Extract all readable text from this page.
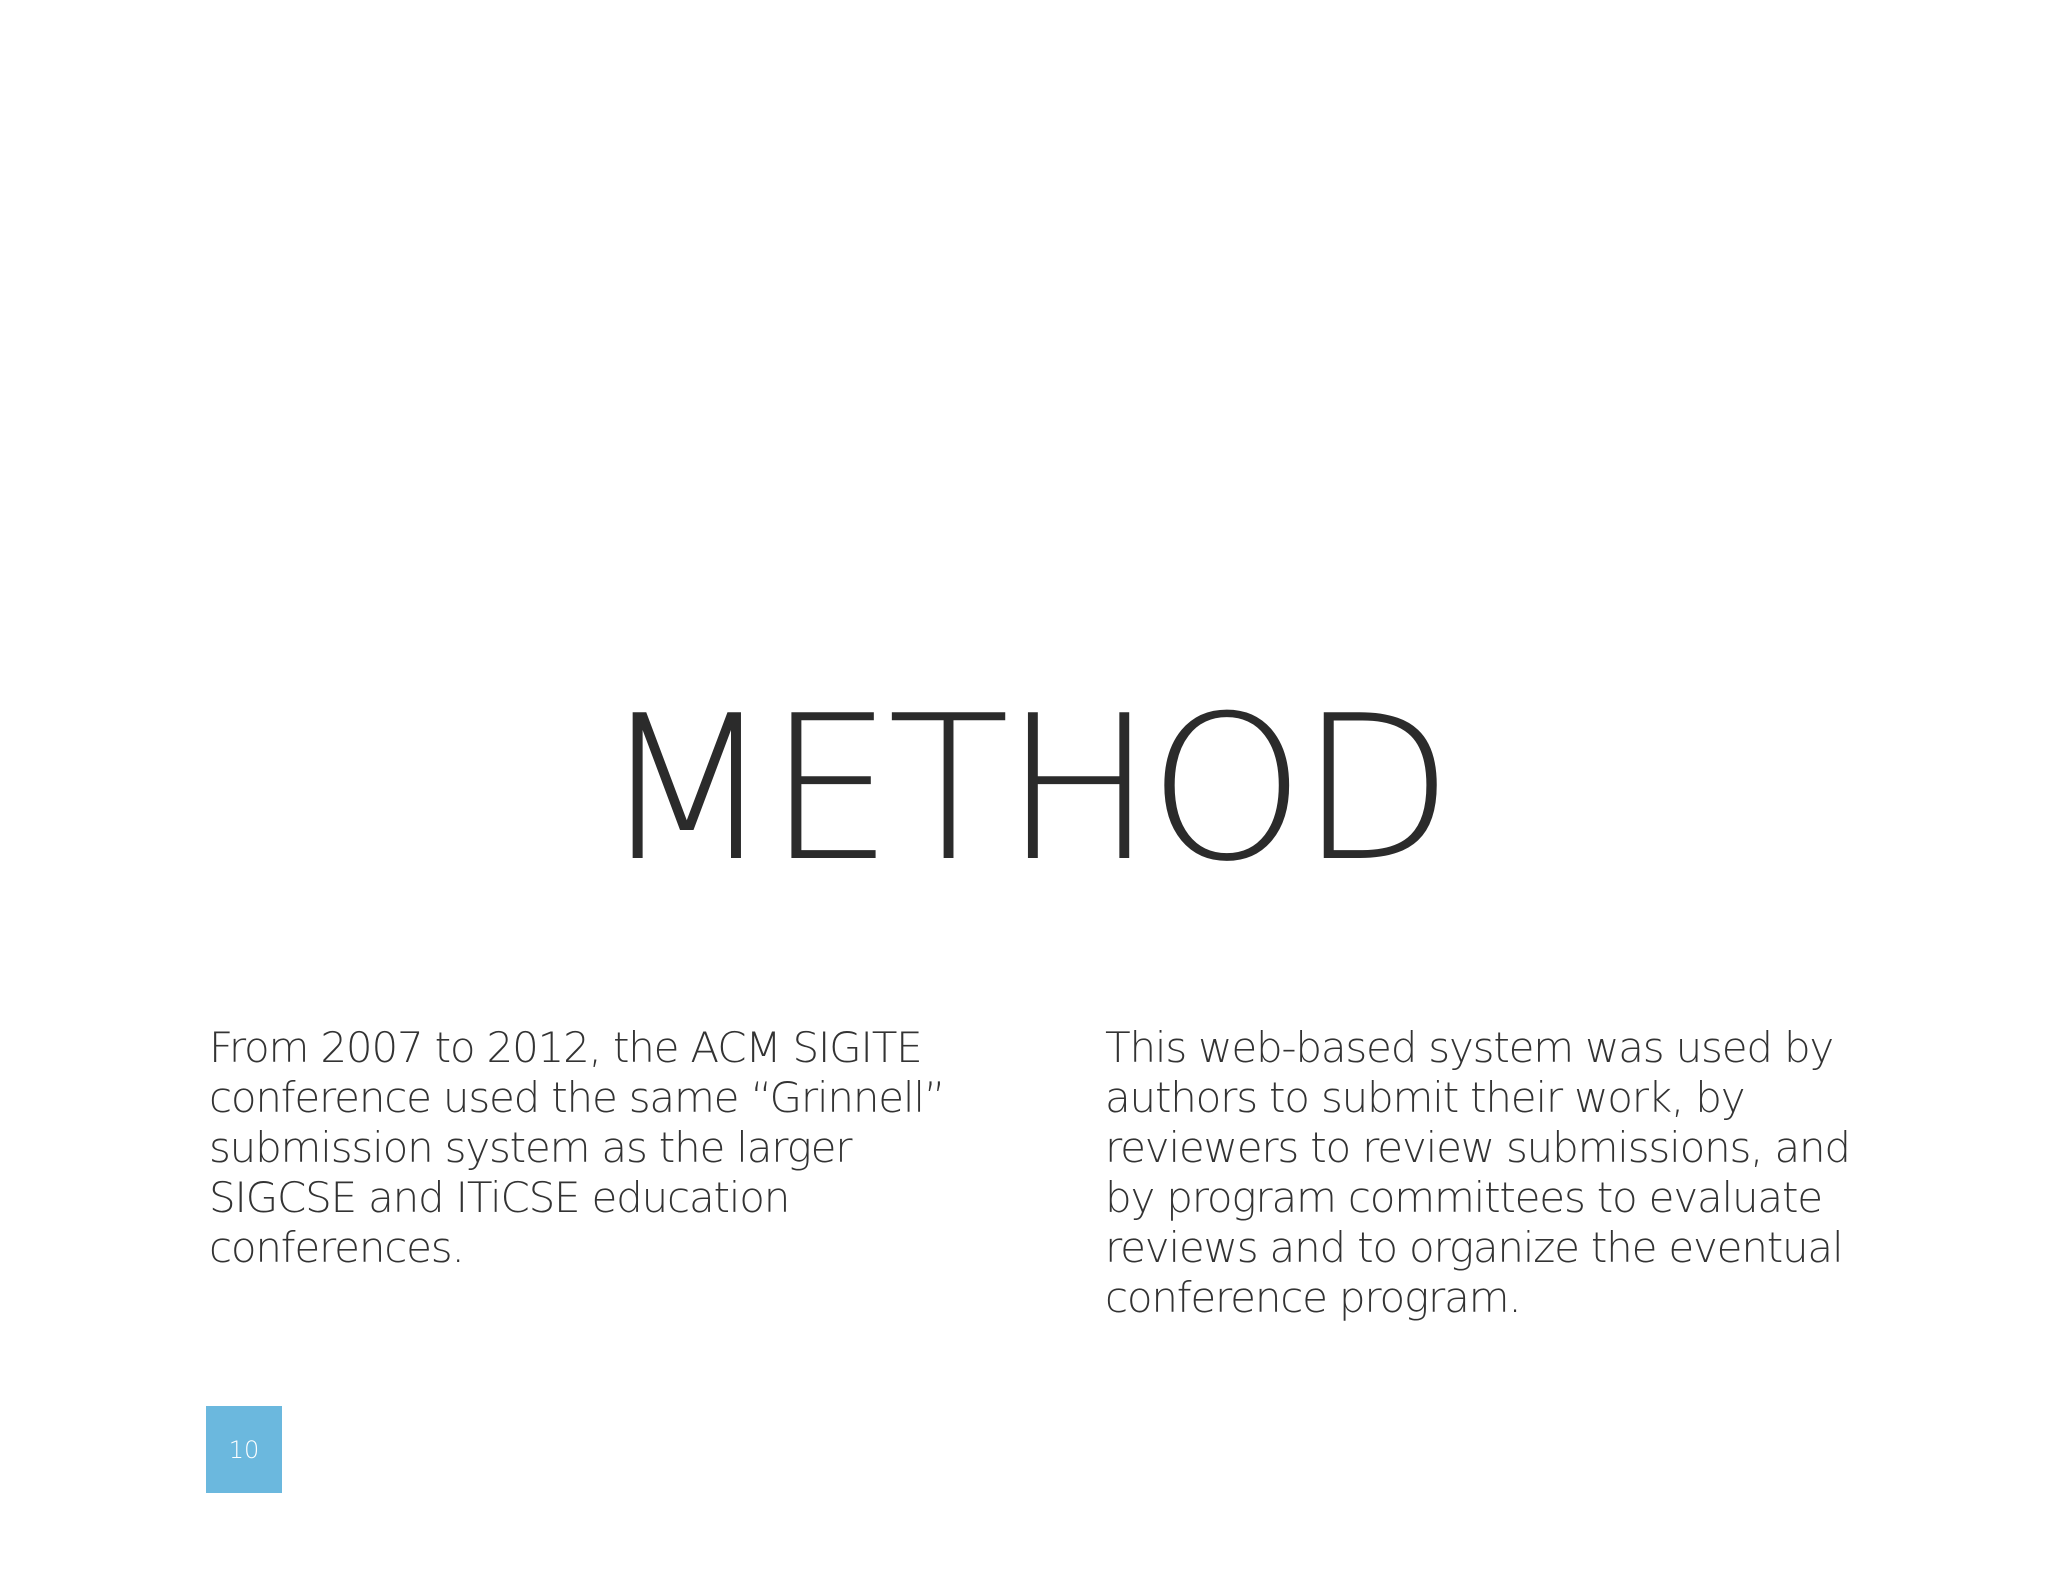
METHOD

From 2007 to 2012, the ACM SIGITE
conference used the same “Grinnell”
submission system as the larger
SIGCSE and ITiCSE education
conferences.

This web-based system was used by
authors to submit their work, by
reviewers to review submissions, and
by program committees to evaluate
reviews and to organize the eventual
conference program.

10
